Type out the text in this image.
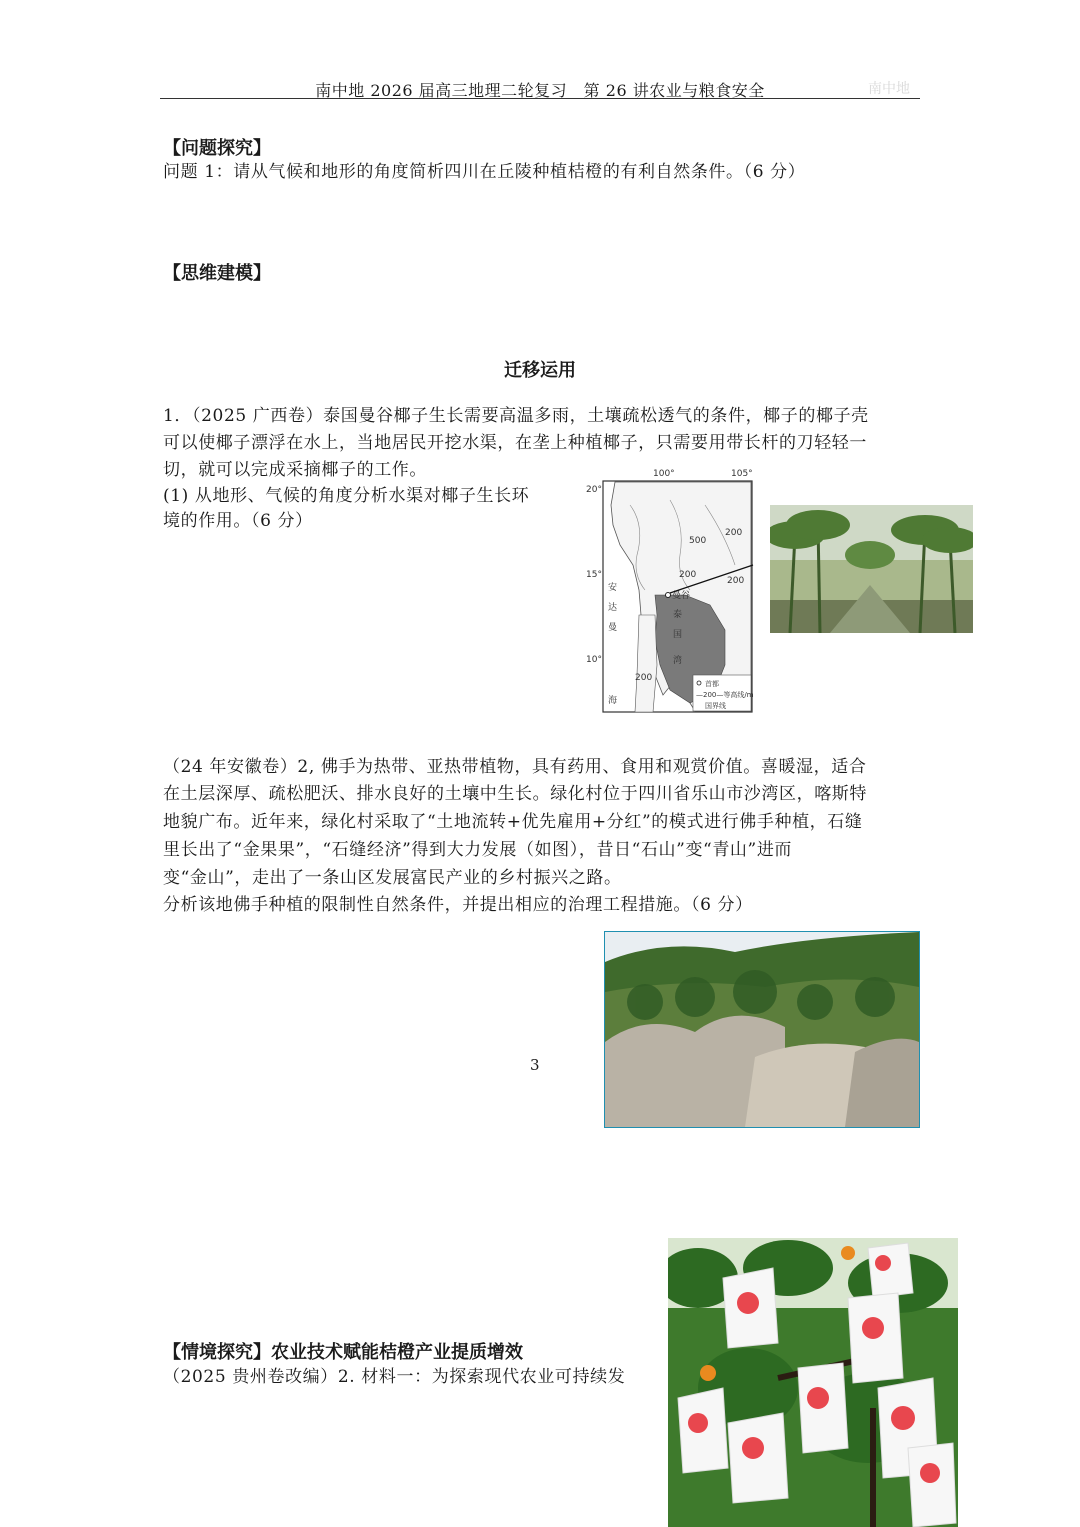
南中地 2026 届高三地理二轮复习　第 26 讲农业与粮食安全	南中地
【问题探究】
问题 1：请从气候和地形的角度简析四川在丘陵种植桔橙的有利自然条件。（6 分）
【思维建模】
迁移运用
1．（2025 广西卷）泰国曼谷椰子生长需要高温多雨，土壤疏松透气的条件，椰子的椰子壳
可以使椰子漂浮在水上，当地居民开挖水渠，在垄上种植椰子，只需要用带长杆的刀轻轻一
切，就可以完成采摘椰子的工作。
(1) 从地形、气候的角度分析水渠对椰子生长环
境的作用。（6 分）
100°	105°
20°
15°
10°
曼谷
500
200
200
200
200
安
达
曼
海
泰
国
湾
首都
—200—等高线/m
国界线
（24 年安徽卷）2, 佛手为热带、亚热带植物，具有药用、食用和观赏价值。喜暖湿，适合
在土层深厚、疏松肥沃、排水良好的土壤中生长。绿化村位于四川省乐山市沙湾区，喀斯特
地貌广布。近年来，绿化村采取了“土地流转+优先雇用+分红”的模式进行佛手种植，石缝
里长出了“金果果”，“石缝经济”得到大力发展（如图），昔日“石山”变“青山”进而
变“金山”，走出了一条山区发展富民产业的乡村振兴之路。
分析该地佛手种植的限制性自然条件，并提出相应的治理工程措施。（6 分）
3
【情境探究】农业技术赋能桔橙产业提质增效
（2025 贵州卷改编）2. 材料一：为探索现代农业可持续发
